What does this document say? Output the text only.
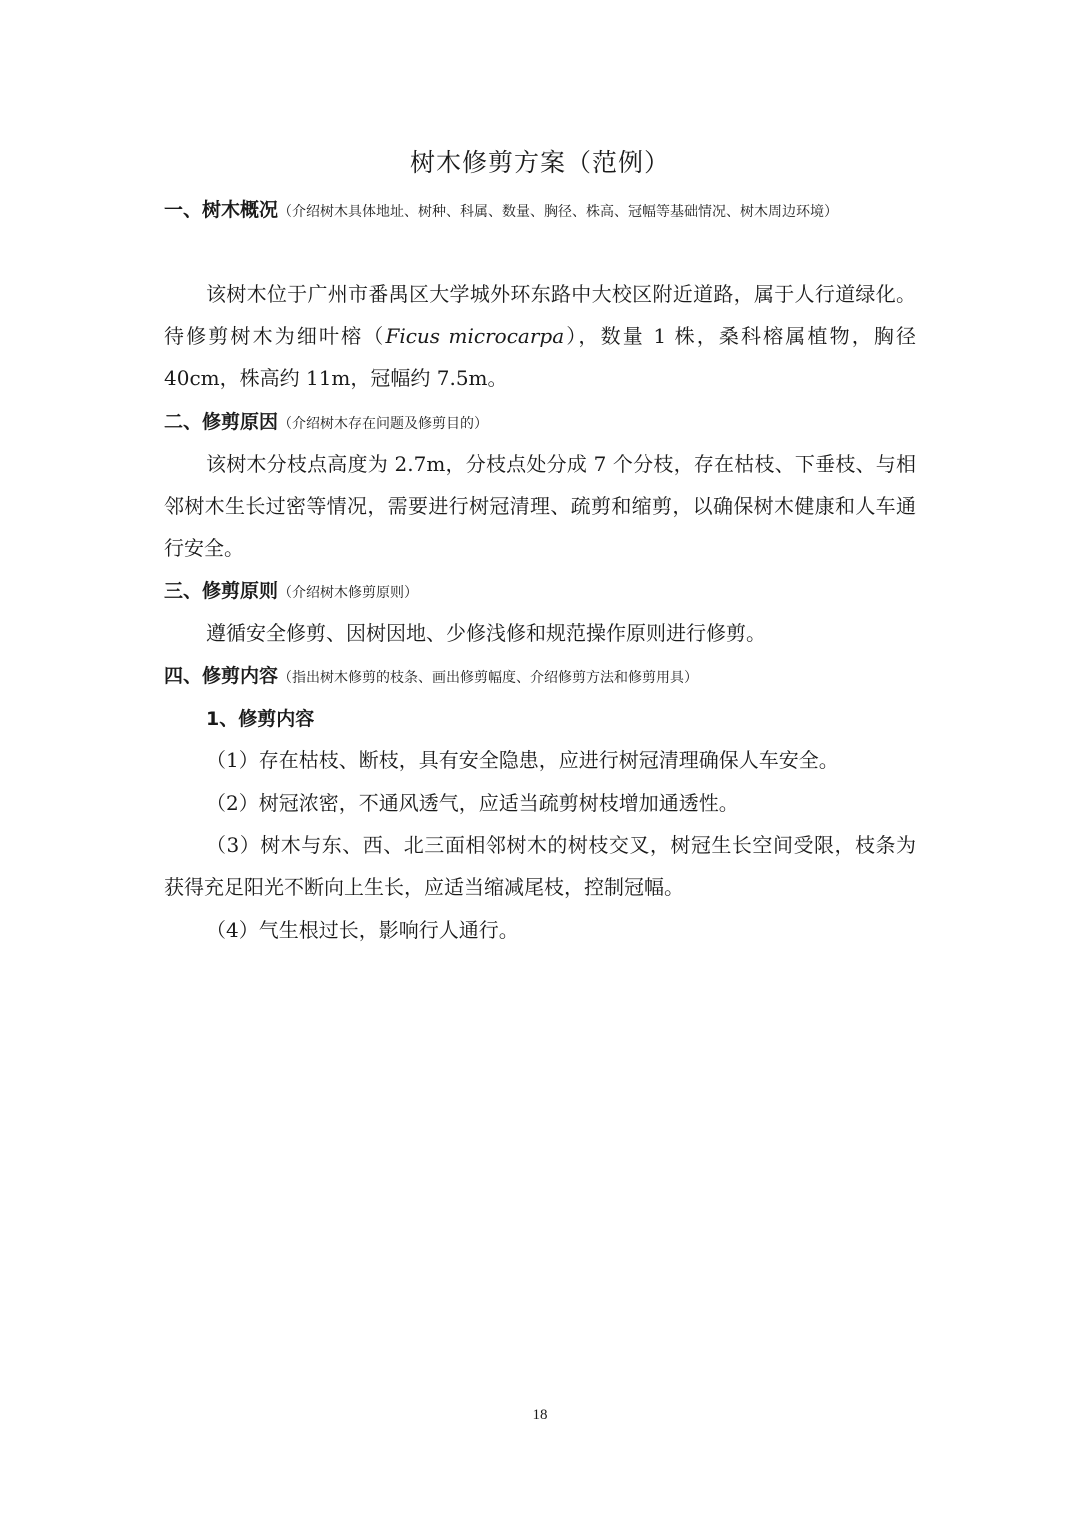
树木修剪方案（范例）
一、树木概况（介绍树木具体地址、树种、科属、数量、胸径、株高、冠幅等基础情况、树木周边环境）

该树木位于广州市番禺区大学城外环东路中大校区附近道路，属于人行道绿化。待修剪树木为细叶榕（Ficus microcarpa），数量 1 株，桑科榕属植物，胸径 40cm，株高约 11m，冠幅约 7.5m。

二、修剪原因（介绍树木存在问题及修剪目的）

该树木分枝点高度为 2.7m，分枝点处分成 7 个分枝，存在枯枝、下垂枝、与相邻树木生长过密等情况，需要进行树冠清理、疏剪和缩剪，以确保树木健康和人车通行安全。

三、修剪原则（介绍树木修剪原则）

遵循安全修剪、因树因地、少修浅修和规范操作原则进行修剪。

四、修剪内容（指出树木修剪的枝条、画出修剪幅度、介绍修剪方法和修剪用具）
1、修剪内容

（1）存在枯枝、断枝，具有安全隐患，应进行树冠清理确保人车安全。

（2）树冠浓密，不通风透气，应适当疏剪树枝增加通透性。

（3）树木与东、西、北三面相邻树木的树枝交叉，树冠生长空间受限，枝条为获得充足阳光不断向上生长，应适当缩减尾枝，控制冠幅。

（4）气生根过长，影响行人通行。

18
